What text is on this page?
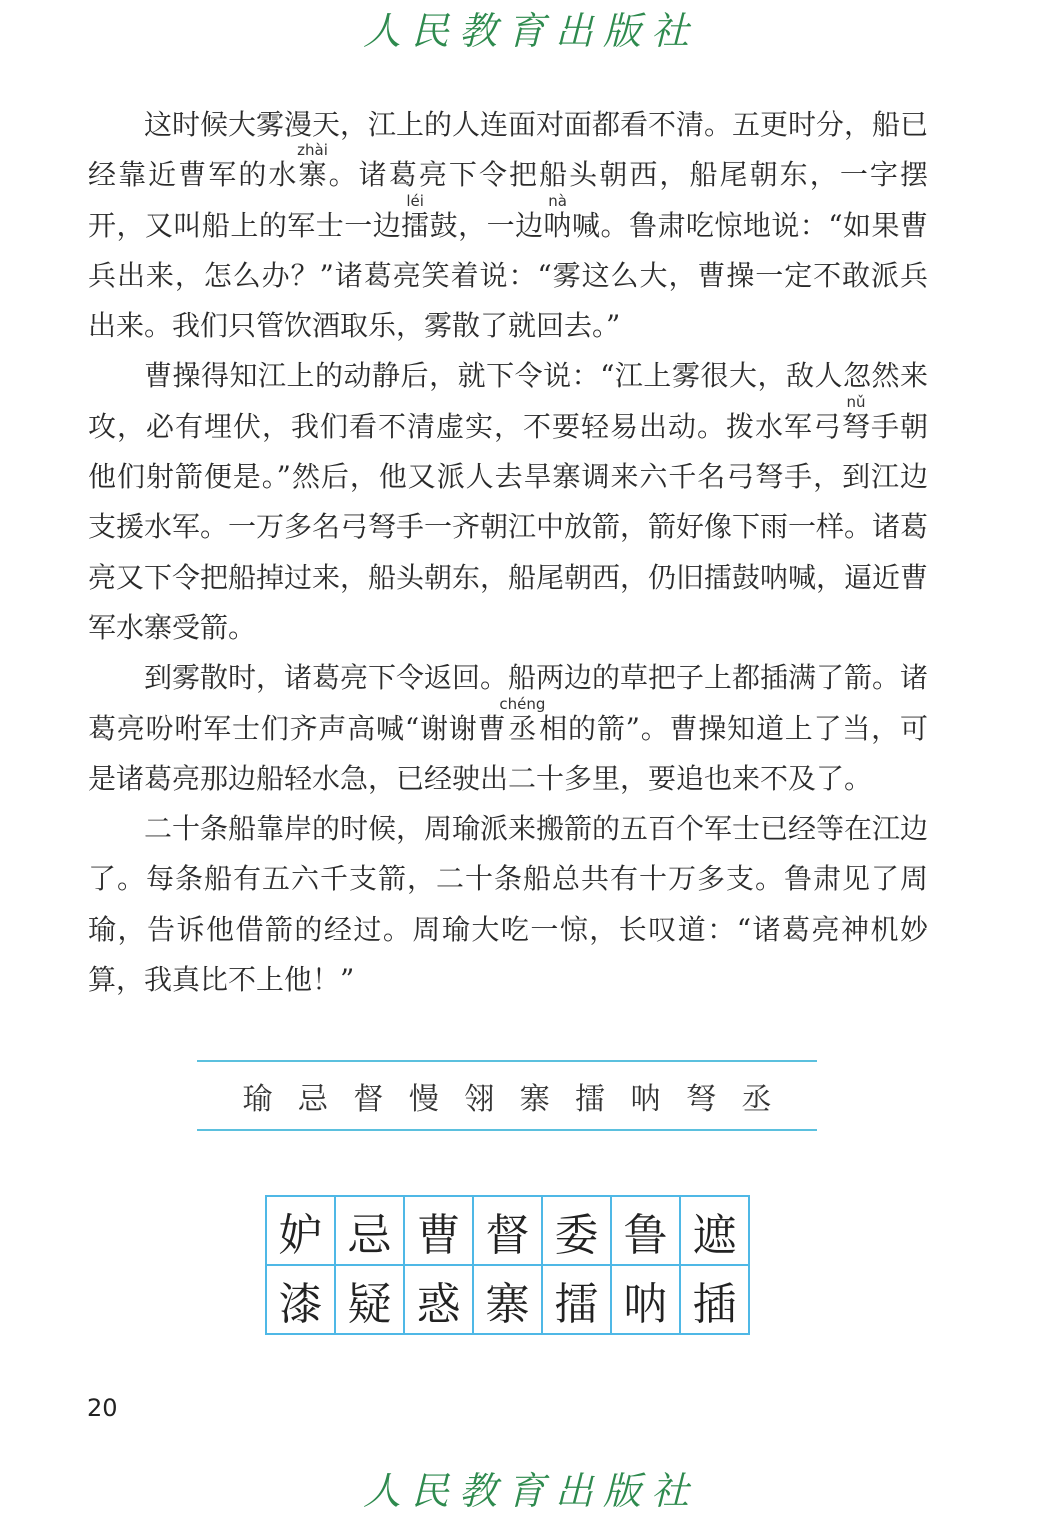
人民教育出版社

这时候大雾漫天，江上的人连面对面都看不清。五更时分，船已经靠近曹军的水寨zhài。诸葛亮下令把船头朝西，船尾朝东，一字摆开，又叫船上的军士一边擂léi鼓，一边呐nà喊。鲁肃吃惊地说：“如果曹兵出来，怎么办？”诸葛亮笑着说：“雾这么大，曹操一定不敢派兵出来。我们只管饮酒取乐，雾散了就回去。”

曹操得知江上的动静后，就下令说：“江上雾很大，敌人忽然来攻，必有埋伏，我们看不清虚实，不要轻易出动。拨水军弓弩nǔ手朝他们射箭便是。”然后，他又派人去旱寨调来六千名弓弩手，到江边支援水军。一万多名弓弩手一齐朝江中放箭，箭好像下雨一样。诸葛亮又下令把船掉过来，船头朝东，船尾朝西，仍旧擂鼓呐喊，逼近曹军水寨受箭。

到雾散时，诸葛亮下令返回。船两边的草把子上都插满了箭。诸葛亮吩咐军士们齐声高喊“谢谢曹丞chéng相的箭”。曹操知道上了当，可是诸葛亮那边船轻水急，已经驶出二十多里，要追也来不及了。

二十条船靠岸的时候，周瑜派来搬箭的五百个军士已经等在江边了。每条船有五六千支箭，二十条船总共有十万多支。鲁肃见了周瑜，告诉他借箭的经过。周瑜大吃一惊，长叹道：“诸葛亮神机妙算，我真比不上他！”

瑜 忌 督 慢 翎 寨 擂 呐 弩 丞
妒	忌	曹	督	委	鲁	遮
漆	疑	惑	寨	擂	呐	插
20
人民教育出版社
